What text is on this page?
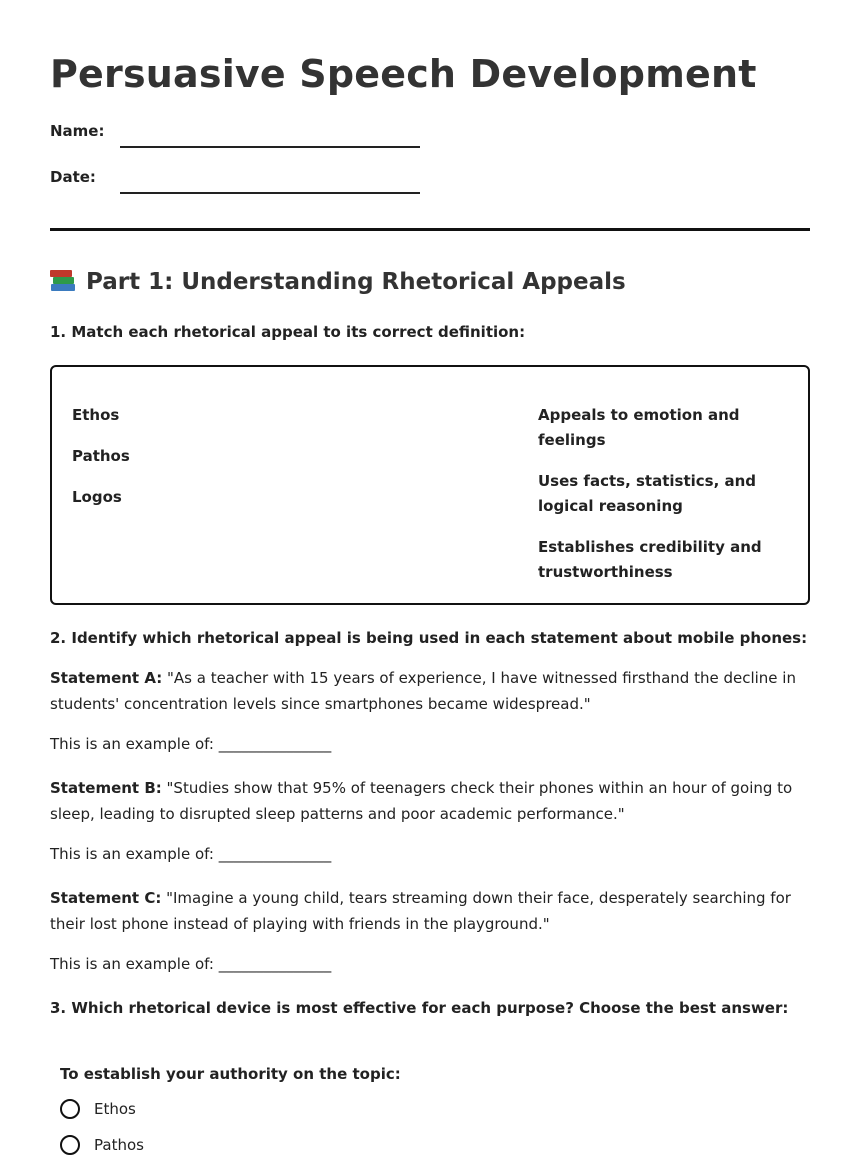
Persuasive Speech Development
Name:
Date:
Part 1: Understanding Rhetorical Appeals

1. Match each rhetorical appeal to its correct definition:

Ethos
Pathos
Logos
Appeals to emotion and feelings
Uses facts, statistics, and logical reasoning
Establishes credibility and trustworthiness

2. Identify which rhetorical appeal is being used in each statement about mobile phones:

Statement A: "As a teacher with 15 years of experience, I have witnessed firsthand the decline in students' concentration levels since smartphones became widespread."

This is an example of: _______________

Statement B: "Studies show that 95% of teenagers check their phones within an hour of going to sleep, leading to disrupted sleep patterns and poor academic performance."

This is an example of: _______________

Statement C: "Imagine a young child, tears streaming down their face, desperately searching for their lost phone instead of playing with friends in the playground."

This is an example of: _______________

3. Which rhetorical device is most effective for each purpose? Choose the best answer:

To establish your authority on the topic:

Ethos
Pathos
